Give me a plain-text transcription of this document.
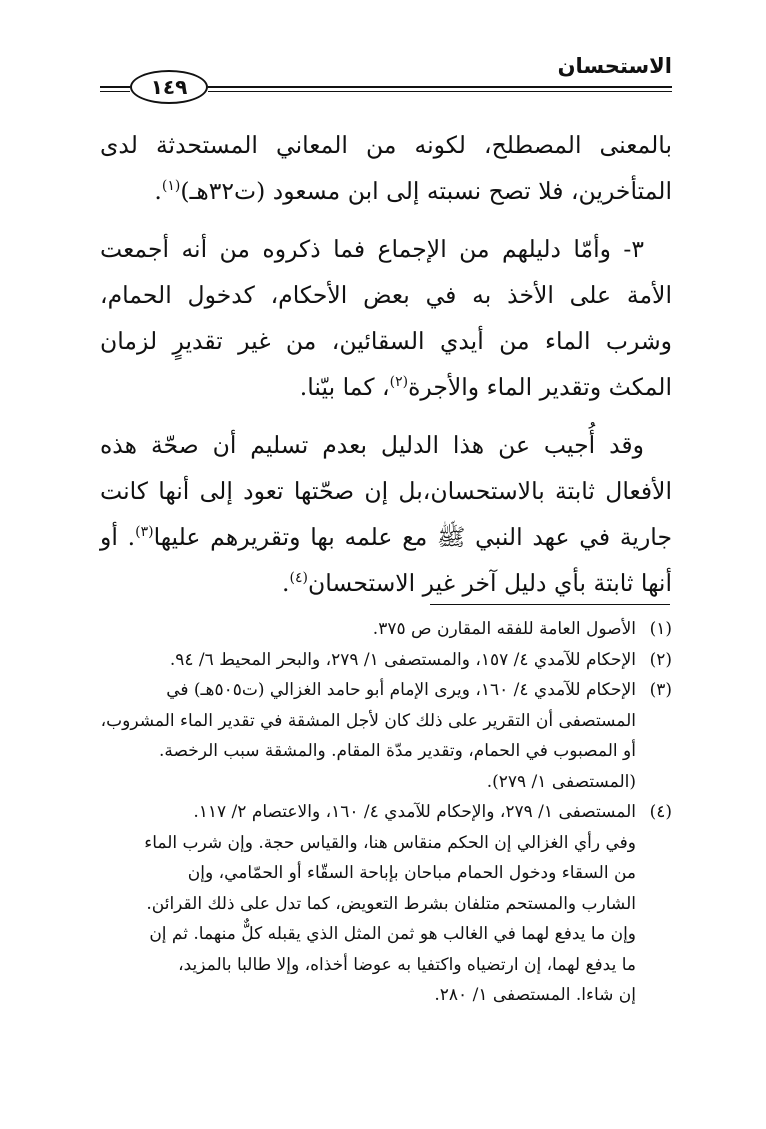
الاستحسان
١٤٩

بالمعنى المصطلح، لكونه من المعاني المستحدثة لدى المتأخرين، فلا تصح نسبته إلى ابن مسعود (ت٣٢هـ)$^{(١)}$.

٣- وأمّا دليلهم من الإجماع فما ذكروه من أنه أجمعت الأمة على الأخذ به في بعض الأحكام، كدخول الحمام، وشرب الماء من أيدي السقائين، من غير تقديرٍ لزمان المكث وتقدير الماء والأجرة$^{(٢)}$، كما بيّنا.

وقد أُجيب عن هذا الدليل بعدم تسليم أن صحّة هذه الأفعال ثابتة بالاستحسان،بل إن صحّتها تعود إلى أنها كانت جارية في عهد النبي ﷺ مع علمه بها وتقريرهم عليها$^{(٣)}$. أو أنها ثابتة بأي دليل آخر غير الاستحسان$^{(٤)}$.

(١)
الأصول العامة للفقه المقارن ص ٣٧٥.
(٢)
الإحكام للآمدي ٤/ ١٥٧، والمستصفى ١/ ٢٧٩، والبحر المحيط ٦/ ٩٤.
(٣)
الإحكام للآمدي ٤/ ١٦٠، ويرى الإمام أبو حامد الغزالي (ت٥٠٥هـ) في
المستصفى أن التقرير على ذلك كان لأجل المشقة في تقدير الماء المشروب،
أو المصبوب في الحمام، وتقدير مدّة المقام. والمشقة سبب الرخصة.
(المستصفى ١/ ٢٧٩).
(٤)
المستصفى ١/ ٢٧٩، والإحكام للآمدي ٤/ ١٦٠، والاعتصام ٢/ ١١٧.
وفي رأي الغزالي إن الحكم منقاس هنا، والقياس حجة. وإن شرب الماء
من السقاء ودخول الحمام مباحان بإباحة السقّاء أو الحمّامي، وإن
الشارب والمستحم متلفان بشرط التعويض، كما تدل على ذلك القرائن.
وإن ما يدفع لهما في الغالب هو ثمن المثل الذي يقبله كلٌّ منهما. ثم إن
ما يدفع لهما، إن ارتضياه واكتفيا به عوضا أخذاه، وإلا طالبا بالمزيد،
إن شاءا. المستصفى ١/ ٢٨٠.
